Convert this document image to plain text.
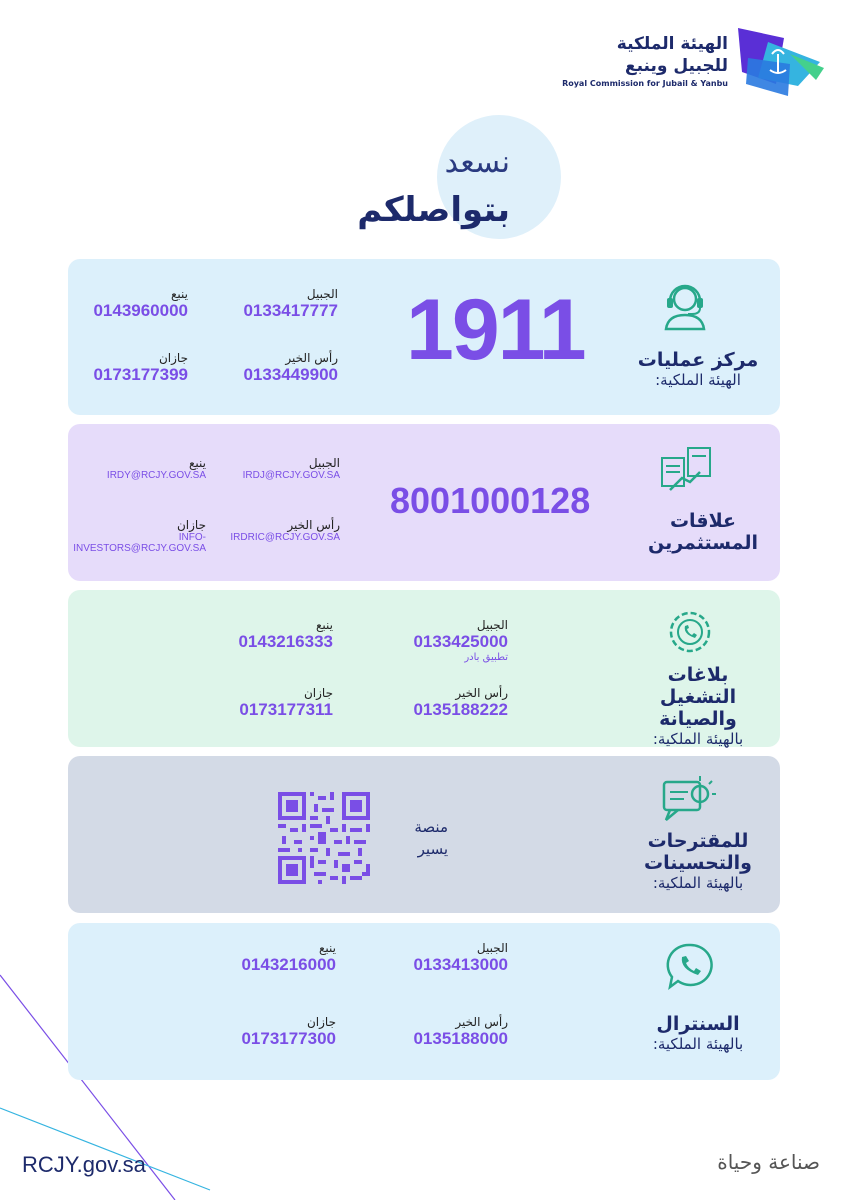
الهيئة الملكية
للجبيل وينبع
Royal Commission for Jubail & Yanbu
نسعد
بتواصلكم
مركز عمليات
الهيئة الملكية:
1911
الجبيل
0133417777
ينبع
0143960000
رأس الخير
0133449900
جازان
0173177399
علاقات
المستثمرين
8001000128
الجبيل
IRDJ@RCJY.GOV.SA
ينبع
IRDY@RCJY.GOV.SA
رأس الخير
IRDRIC@RCJY.GOV.SA
جازان
INFO-INVESTORS@RCJY.GOV.SA
بلاغات
التشغيل والصيانة
بالهيئة الملكية:
الجبيل
0133425000
تطبيق بادر
ينبع
0143216333
رأس الخير
0135188222
جازان
0173177311
للمقترحات
والتحسينات
بالهيئة الملكية:
منصة
يسير
السنترال
بالهيئة الملكية:
الجبيل
0133413000
ينبع
0143216000
رأس الخير
0135188000
جازان
0173177300
RCJY.gov.sa	صناعة وحياة
